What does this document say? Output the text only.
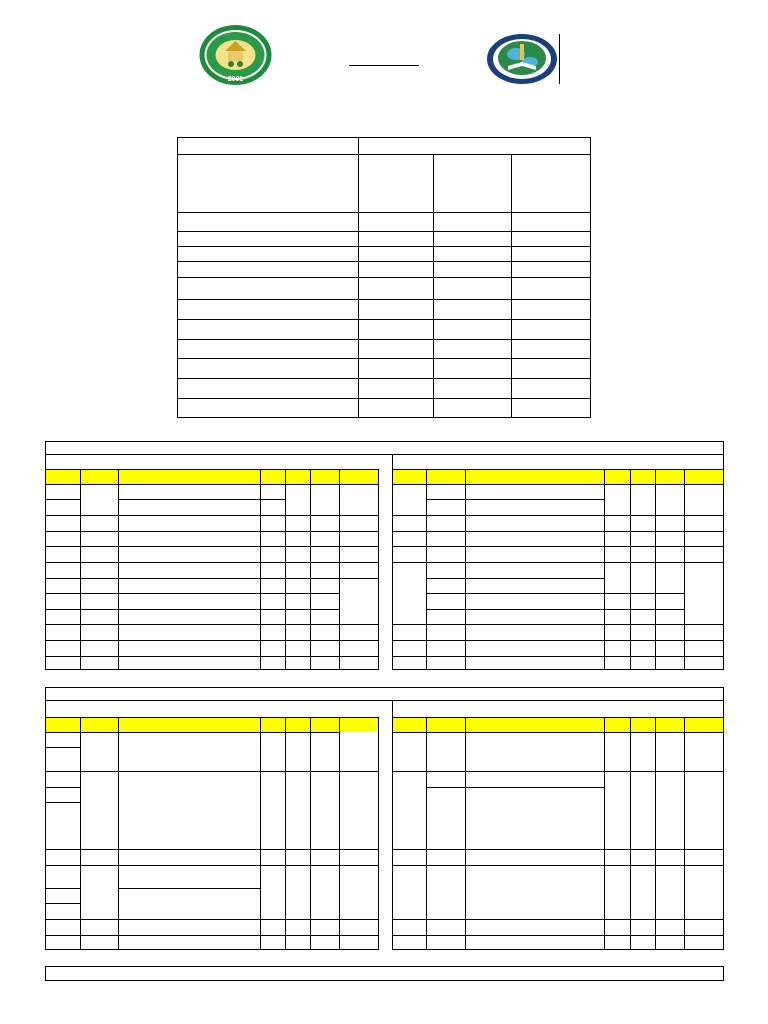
2001
